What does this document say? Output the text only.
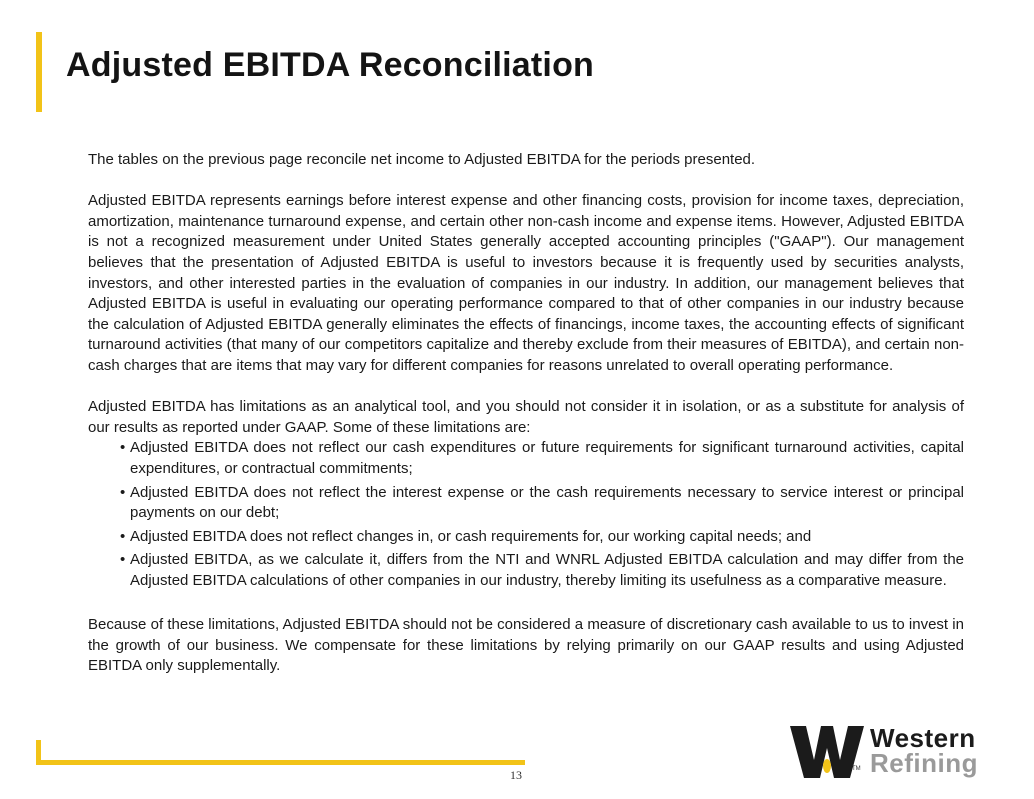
Adjusted EBITDA Reconciliation

The tables on the previous page reconcile net income to Adjusted EBITDA for the periods presented.

Adjusted EBITDA represents earnings before interest expense and other financing costs, provision for income taxes, depreciation, amortization, maintenance turnaround expense, and certain other non-cash income and expense items. However, Adjusted EBITDA is not a recognized measurement under United States generally accepted accounting principles ("GAAP"). Our management believes that the presentation of Adjusted EBITDA is useful to investors because it is frequently used by securities analysts, investors, and other interested parties in the evaluation of companies in our industry. In addition, our management believes that Adjusted EBITDA is useful in evaluating our operating performance compared to that of other companies in our industry because the calculation of Adjusted EBITDA generally eliminates the effects of financings, income taxes, the accounting effects of significant turnaround activities (that many of our competitors capitalize and thereby exclude from their measures of EBITDA), and certain non-cash charges that are items that may vary for different companies for reasons unrelated to overall operating performance.

Adjusted EBITDA has limitations as an analytical tool, and you should not consider it in isolation, or as a substitute for analysis of our results as reported under GAAP. Some of these limitations are:

• Adjusted EBITDA does not reflect our cash expenditures or future requirements for significant turnaround activities, capital expenditures, or contractual commitments;
• Adjusted EBITDA does not reflect the interest expense or the cash requirements necessary to service interest or principal payments on our debt;
• Adjusted EBITDA does not reflect changes in, or cash requirements for, our working capital needs; and
• Adjusted EBITDA, as we calculate it, differs from the NTI and WNRL Adjusted EBITDA calculation and may differ from the Adjusted EBITDA calculations of other companies in our industry, thereby limiting its usefulness as a comparative measure.

Because of these limitations, Adjusted EBITDA should not be considered a measure of discretionary cash available to us to invest in the growth of our business. We compensate for these limitations by relying primarily on our GAAP results and using Adjusted EBITDA only supplementally.

13	TM
Western
Refining
